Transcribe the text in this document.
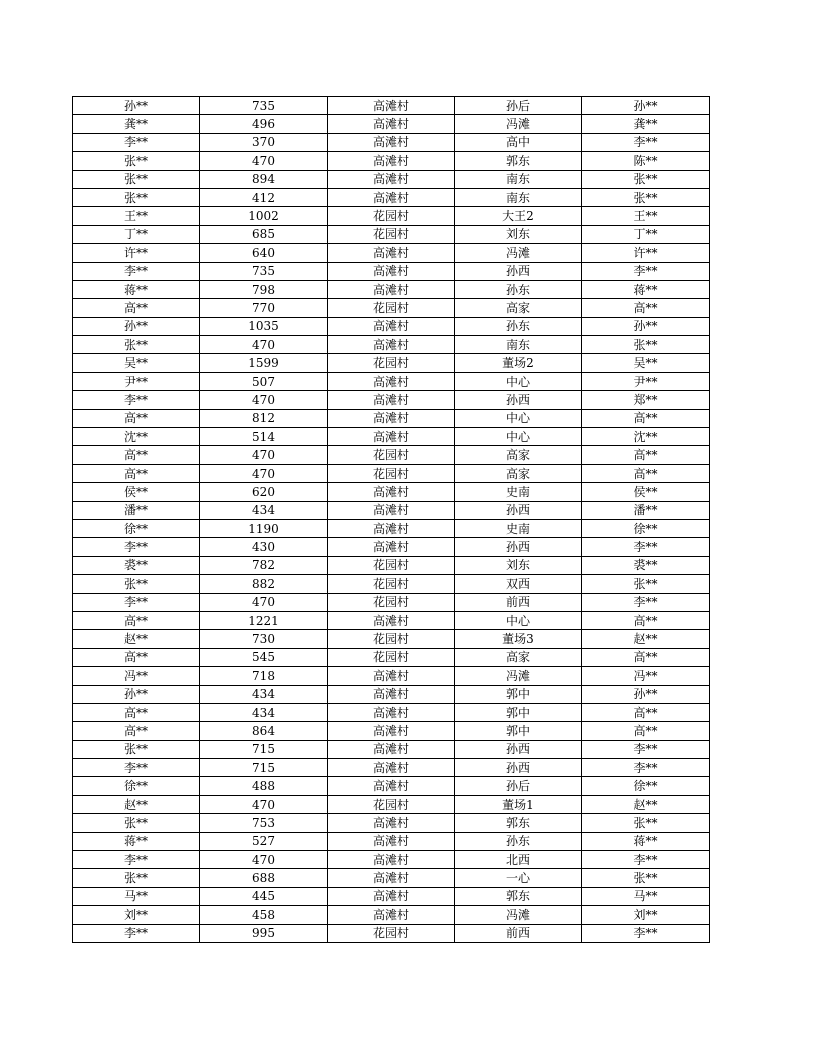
孙**	735	高滩村	孙后	孙**
龚**	496	高滩村	冯滩	龚**
李**	370	高滩村	高中	李**
张**	470	高滩村	郭东	陈**
张**	894	高滩村	南东	张**
张**	412	高滩村	南东	张**
王**	1002	花园村	大王2	王**
丁**	685	花园村	刘东	丁**
许**	640	高滩村	冯滩	许**
李**	735	高滩村	孙西	李**
蒋**	798	高滩村	孙东	蒋**
高**	770	花园村	高家	高**
孙**	1035	高滩村	孙东	孙**
张**	470	高滩村	南东	张**
吴**	1599	花园村	董场2	吴**
尹**	507	高滩村	中心	尹**
李**	470	高滩村	孙西	郑**
高**	812	高滩村	中心	高**
沈**	514	高滩村	中心	沈**
高**	470	花园村	高家	高**
高**	470	花园村	高家	高**
侯**	620	高滩村	史南	侯**
潘**	434	高滩村	孙西	潘**
徐**	1190	高滩村	史南	徐**
李**	430	高滩村	孙西	李**
裘**	782	花园村	刘东	裘**
张**	882	花园村	双西	张**
李**	470	花园村	前西	李**
高**	1221	高滩村	中心	高**
赵**	730	花园村	董场3	赵**
高**	545	花园村	高家	高**
冯**	718	高滩村	冯滩	冯**
孙**	434	高滩村	郭中	孙**
高**	434	高滩村	郭中	高**
高**	864	高滩村	郭中	高**
张**	715	高滩村	孙西	李**
李**	715	高滩村	孙西	李**
徐**	488	高滩村	孙后	徐**
赵**	470	花园村	董场1	赵**
张**	753	高滩村	郭东	张**
蒋**	527	高滩村	孙东	蒋**
李**	470	高滩村	北西	李**
张**	688	高滩村	一心	张**
马**	445	高滩村	郭东	马**
刘**	458	高滩村	冯滩	刘**
李**	995	花园村	前西	李**
